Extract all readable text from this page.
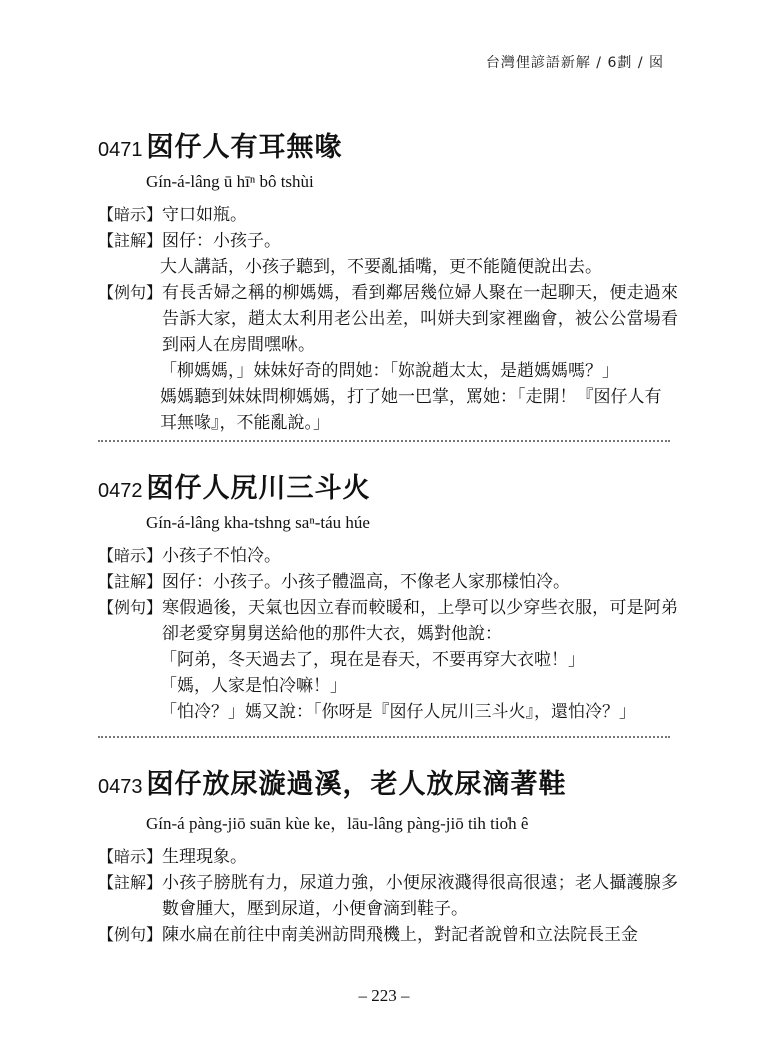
台灣俚諺語新解 / 6劃 / 囡
0471 囡仔人有耳無喙
Gín-á-lâng ū hīⁿ bô tshùi
【暗示】 守口如瓶。
【註解】 囡仔：小孩子。
大人講話，小孩子聽到，不要亂插嘴，更不能隨便說出去。
【例句】 有長舌婦之稱的柳媽媽，看到鄰居幾位婦人聚在一起聊天，便走過來告訴大家，趙太太利用老公出差，叫姘夫到家裡幽會，被公公當場看到兩人在房間嘿咻。
「柳媽媽，」妹妹好奇的問她：「妳說趙太太，是趙媽媽嗎？」
媽媽聽到妹妹問柳媽媽，打了她一巴掌，罵她：「走開！『囡仔人有耳無喙』，不能亂說。」
0472 囡仔人尻川三斗火
Gín-á-lâng kha-tshng saⁿ-táu húe
【暗示】 小孩子不怕冷。
【註解】 囡仔：小孩子。小孩子體溫高，不像老人家那樣怕冷。
【例句】 寒假過後，天氣也因立春而較暖和，上學可以少穿些衣服，可是阿弟卻老愛穿舅舅送給他的那件大衣，媽對他說：
「阿弟，冬天過去了，現在是春天，不要再穿大衣啦！」
「媽，人家是怕冷嘛！」
「怕冷？」媽又說：「你呀是『囡仔人尻川三斗火』，還怕冷？」
0473 囡仔放尿漩過溪，老人放尿滴著鞋
Gín-á pàng-jiō suān kùe ke，lāu-lâng pàng-jiō tih tio̍h ê
【暗示】 生理現象。
【註解】 小孩子膀胱有力，尿道力強，小便尿液濺得很高很遠；老人攝護腺多數會腫大，壓到尿道，小便會滴到鞋子。
【例句】 陳水扁在前往中南美洲訪問飛機上，對記者說曾和立法院長王金
– 223 –
